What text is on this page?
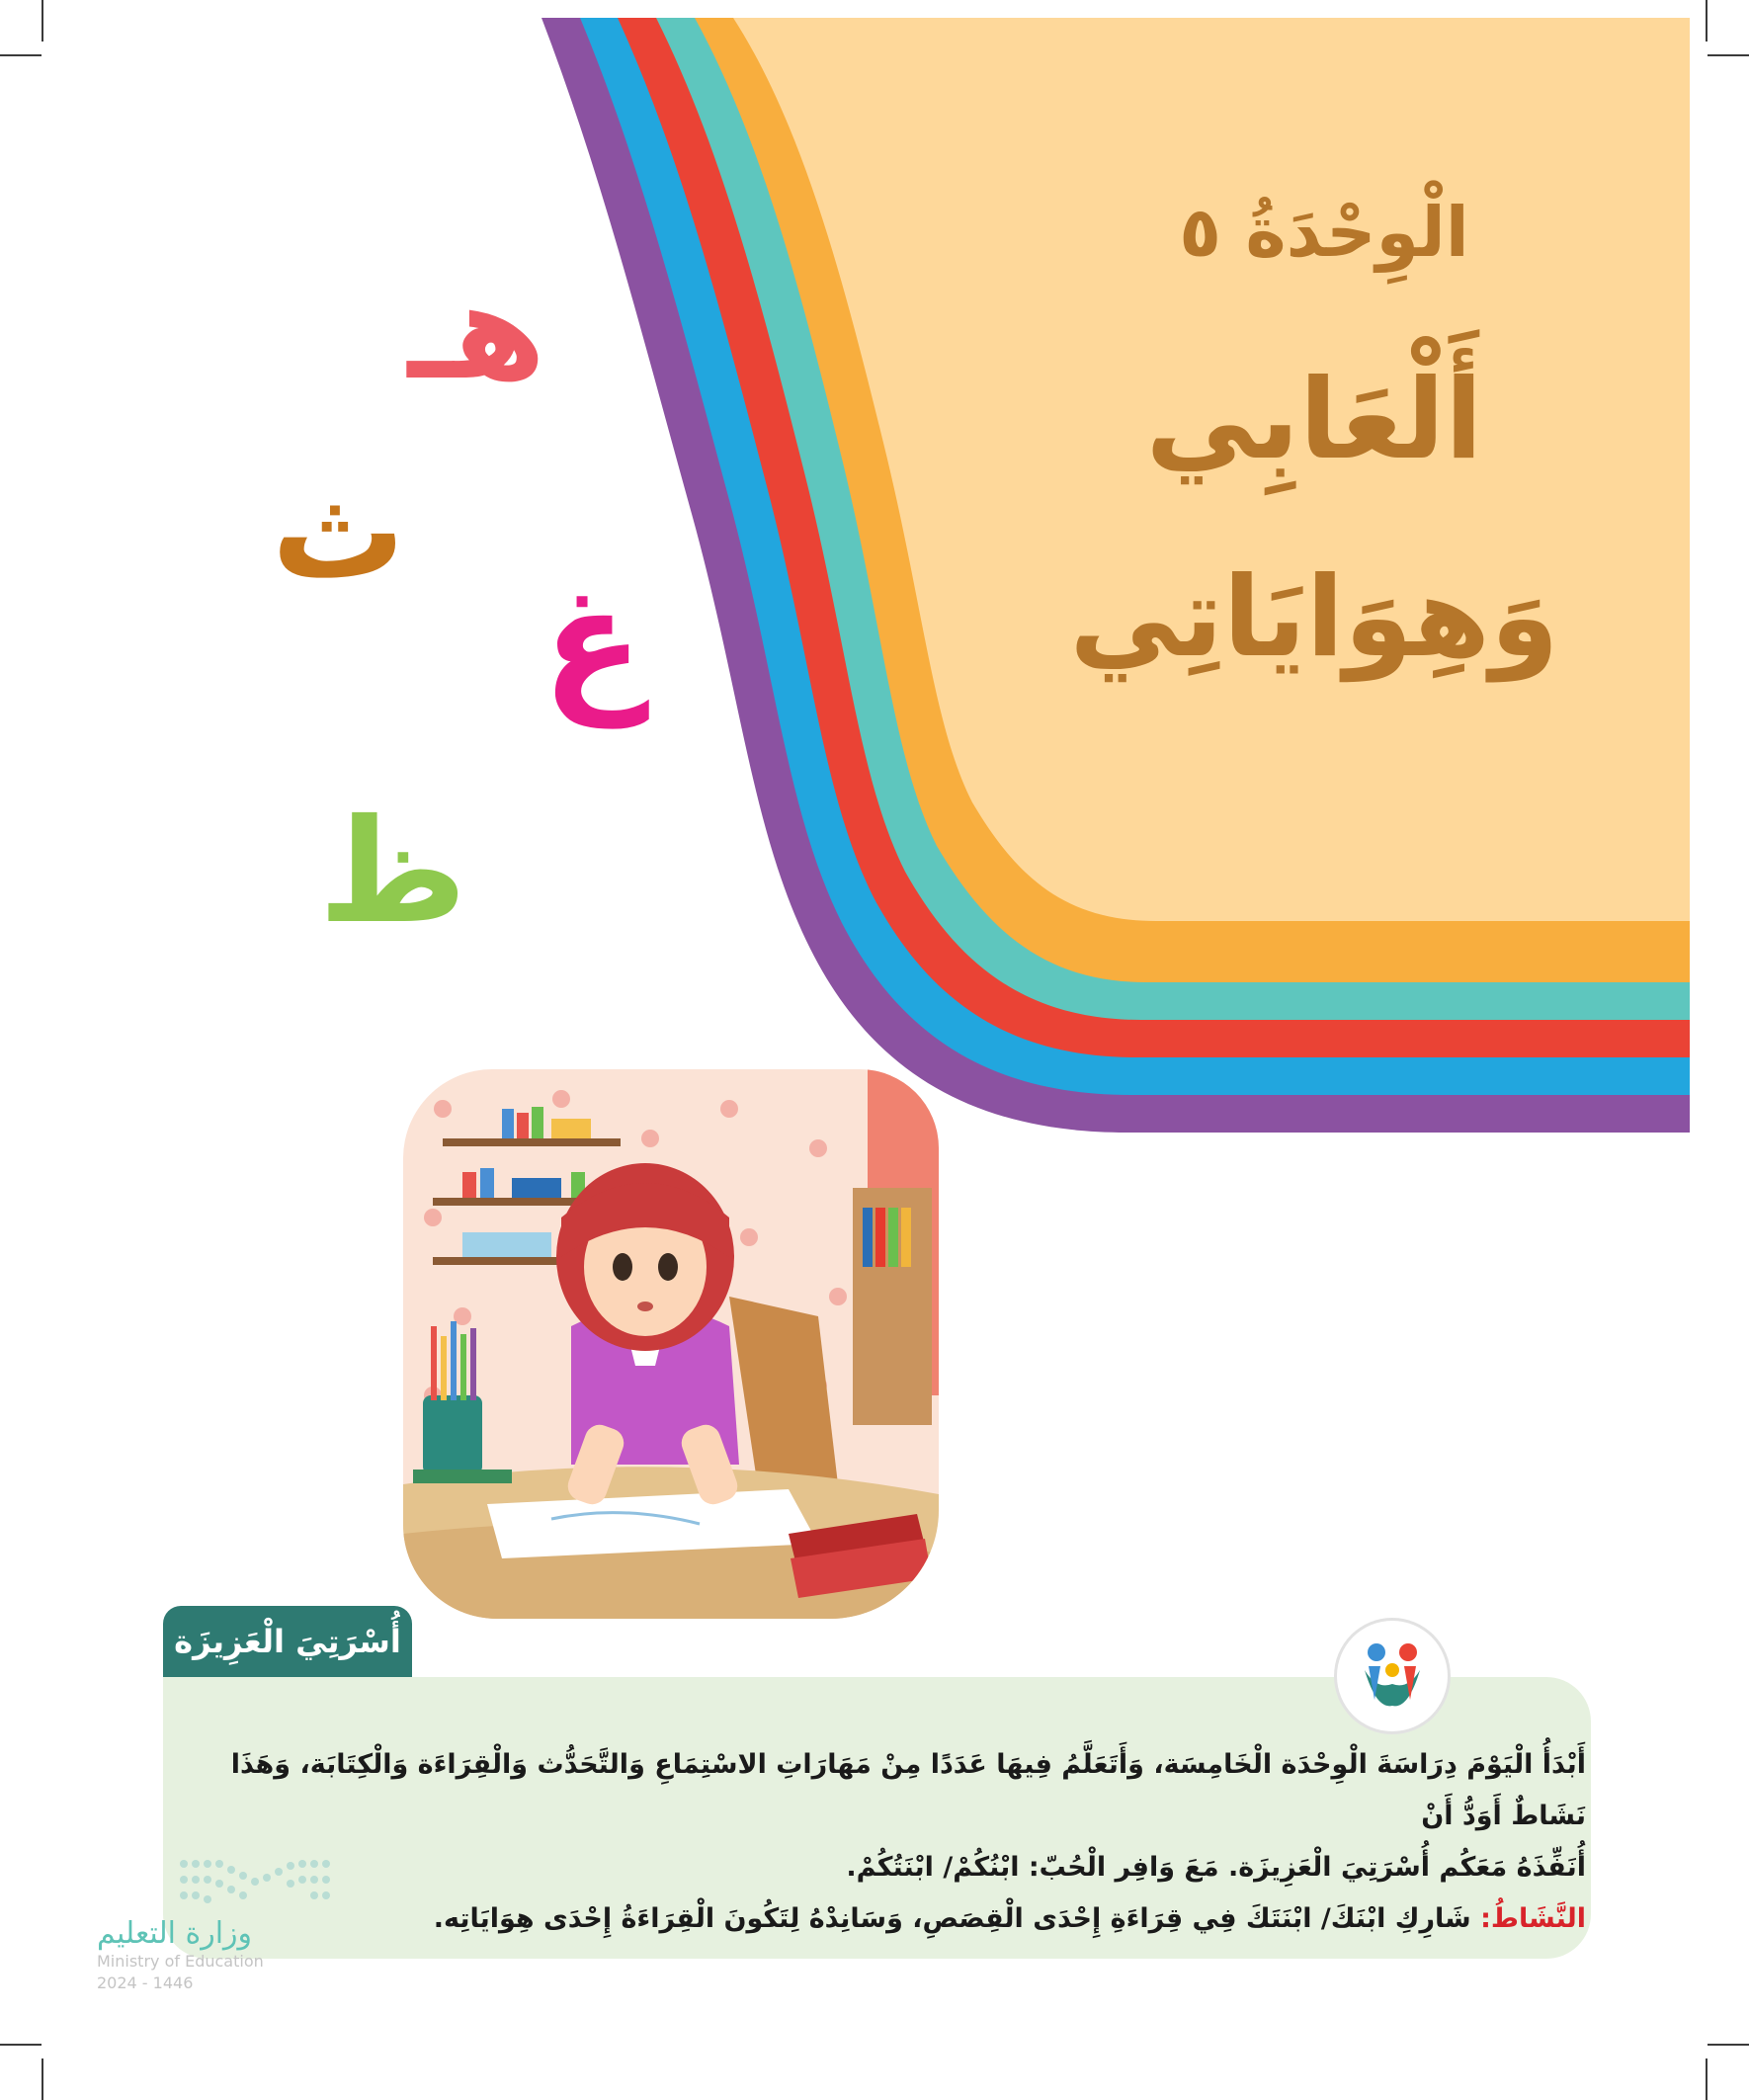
الْوِحْدَةُ ٥
أَلْعَابِي
وَهِوَايَاتِي
هـ
ث
غ
ظ
أُسْرَتِيَ الْعَزِيزَة

أَبْدَأُ الْيَوْمَ دِرَاسَةَ الْوِحْدَة الْخَامِسَة، وَأَتَعَلَّمُ فِيهَا عَدَدًا مِنْ مَهَارَاتِ الاسْتِمَاعِ وَالتَّحَدُّث وَالْقِرَاءَة وَالْكِتَابَة، وَهَذَا نَشَاطٌ أَوَدُّ أَنْ

أُنَفِّذَهُ مَعَكُم أُسْرَتِيَ الْعَزِيزَة. مَعَ وَافِر الْحُبّ: ابْنُكُمْ/ ابْنَتُكُمْ.

النَّشَاطُ: شَارِكِ ابْنَكَ/ ابْنَتَكَ فِي قِرَاءَةِ إِحْدَى الْقِصَصِ، وَسَانِدْهُ لِتَكُونَ الْقِرَاءَةُ إِحْدَى هِوَايَاتِه.

وزارة التعليم
Ministry of Education
2024 - 1446
